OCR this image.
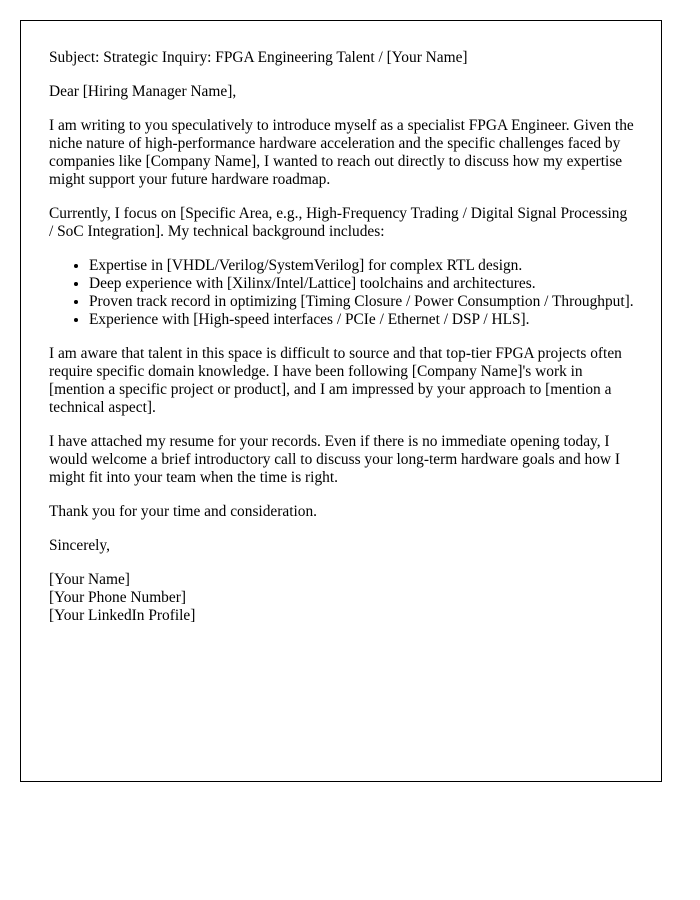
Subject: Strategic Inquiry: FPGA Engineering Talent / [Your Name]

Dear [Hiring Manager Name],

I am writing to you speculatively to introduce myself as a specialist FPGA Engineer. Given the niche nature of high-performance hardware acceleration and the specific challenges faced by companies like [Company Name], I wanted to reach out directly to discuss how my expertise might support your future hardware roadmap.

Currently, I focus on [Specific Area, e.g., High-Frequency Trading / Digital Signal Processing / SoC Integration]. My technical background includes:

• Expertise in [VHDL/Verilog/SystemVerilog] for complex RTL design.
• Deep experience with [Xilinx/Intel/Lattice] toolchains and architectures.
• Proven track record in optimizing [Timing Closure / Power Consumption / Throughput].
• Experience with [High-speed interfaces / PCIe / Ethernet / DSP / HLS].

I am aware that talent in this space is difficult to source and that top-tier FPGA projects often require specific domain knowledge. I have been following [Company Name]'s work in [mention a specific project or product], and I am impressed by your approach to [mention a technical aspect].

I have attached my resume for your records. Even if there is no immediate opening today, I would welcome a brief introductory call to discuss your long-term hardware goals and how I might fit into your team when the time is right.

Thank you for your time and consideration.

Sincerely,

[Your Name]
[Your Phone Number]
[Your LinkedIn Profile]
